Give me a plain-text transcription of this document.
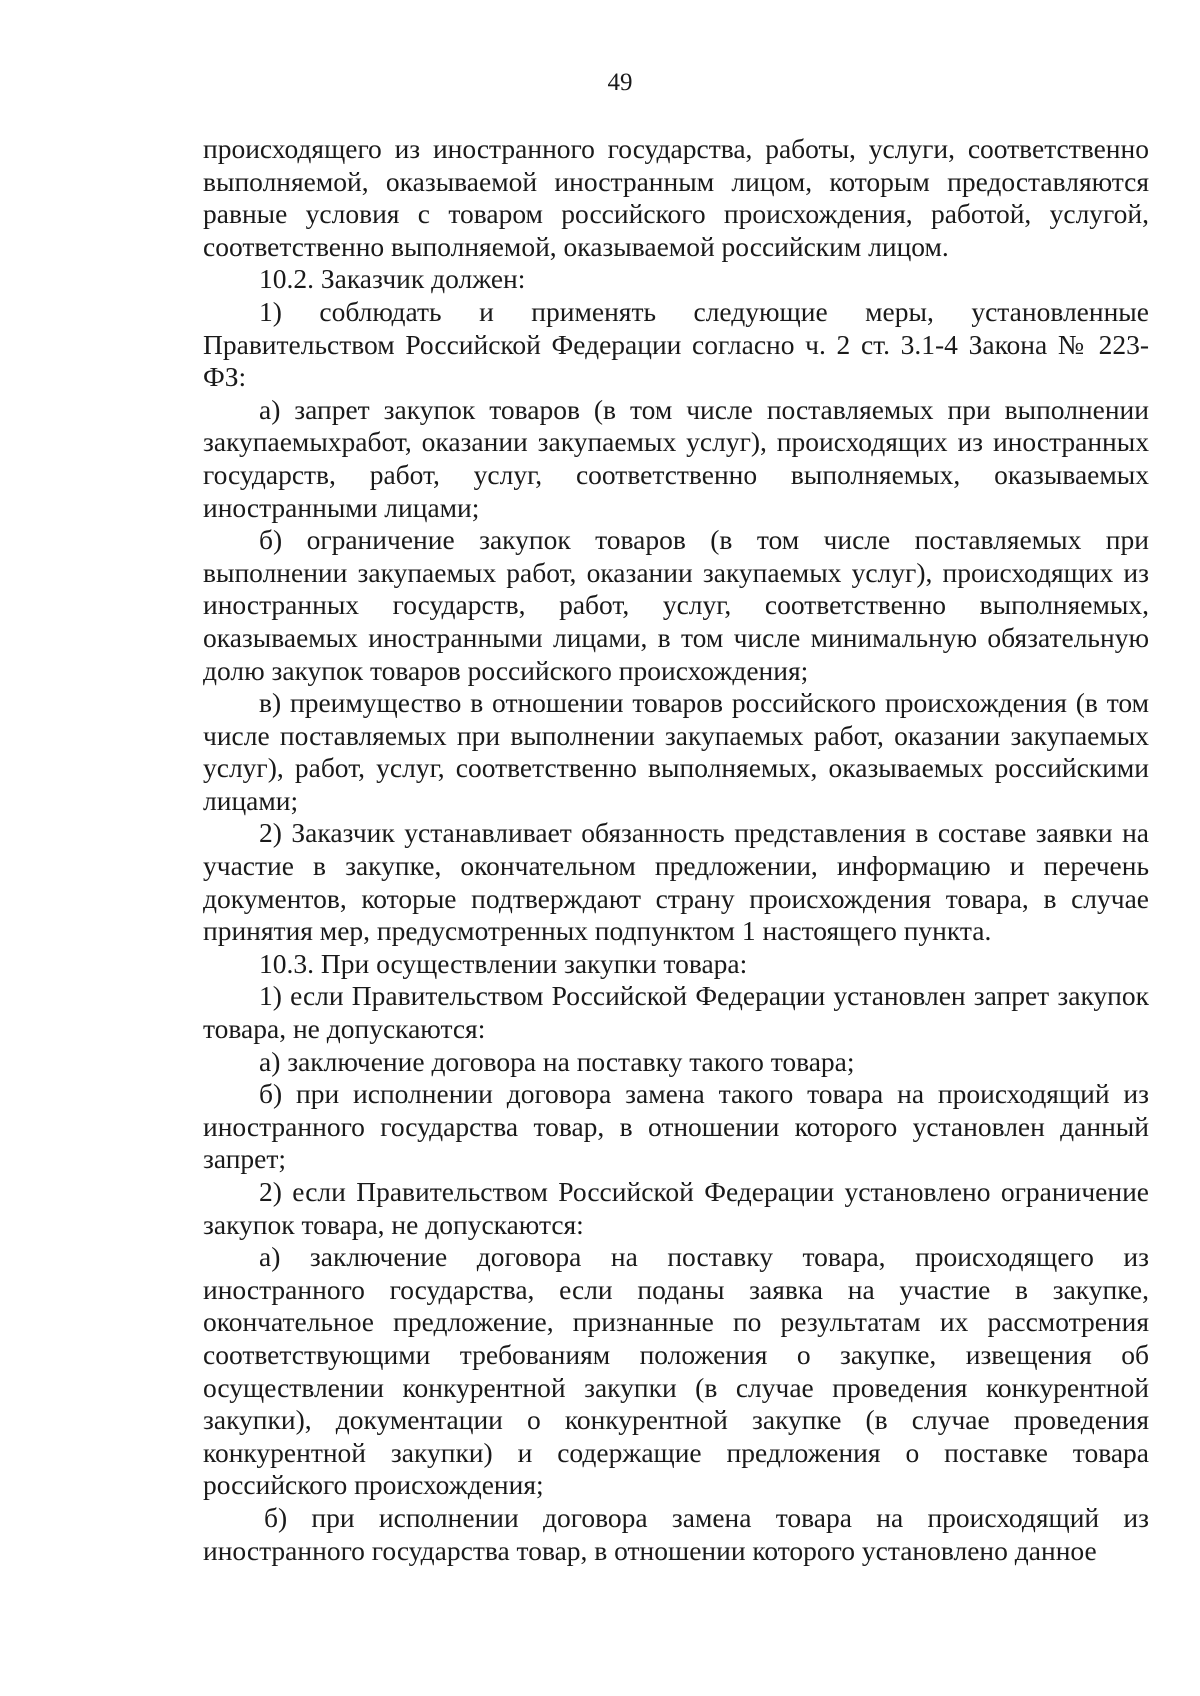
49

происходящего из иностранного государства, работы, услуги, соответственно выполняемой, оказываемой иностранным лицом, которым предоставляются равные условия с товаром российского происхождения, работой, услугой, соответственно выполняемой, оказываемой российским лицом.

10.2. Заказчик должен:

1) соблюдать и применять следующие меры, установленные Правительством Российской Федерации согласно ч. 2 ст. 3.1-4 Закона № 223-ФЗ:

а) запрет закупок товаров (в том числе поставляемых при выполнении закупаемыхработ, оказании закупаемых услуг), происходящих из иностранных государств, работ, услуг, соответственно выполняемых, оказываемых иностранными лицами;

б) ограничение закупок товаров (в том числе поставляемых при выполнении закупаемых работ, оказании закупаемых услуг), происходящих из иностранных государств, работ, услуг, соответственно выполняемых, оказываемых иностранными лицами, в том числе минимальную обязательную долю закупок товаров российского происхождения;

в) преимущество в отношении товаров российского происхождения (в том числе поставляемых при выполнении закупаемых работ, оказании закупаемых услуг), работ, услуг, соответственно выполняемых, оказываемых российскими лицами;

2) Заказчик устанавливает обязанность представления в составе заявки на участие в закупке, окончательном предложении, информацию и перечень документов, которые подтверждают страну происхождения товара, в случае принятия мер, предусмотренных подпунктом 1 настоящего пункта.

10.3. При осуществлении закупки товара:

1) если Правительством Российской Федерации установлен запрет закупок товара, не допускаются:

а) заключение договора на поставку такого товара;

б) при исполнении договора замена такого товара на происходящий из иностранного государства товар, в отношении которого установлен данный запрет;

2) если Правительством Российской Федерации установлено ограничение закупок товара, не допускаются:

а) заключение договора на поставку товара, происходящего из иностранного государства, если поданы заявка на участие в закупке, окончательное предложение, признанные по результатам их рассмотрения соответствующими требованиям положения о закупке, извещения об осуществлении конкурентной закупки (в случае проведения конкурентной закупки), документации о конкурентной закупке (в случае проведения конкурентной закупки) и содержащие предложения о поставке товара российского происхождения;

б) при исполнении договора замена товара на происходящий из иностранного государства товар, в отношении которого установлено данное
